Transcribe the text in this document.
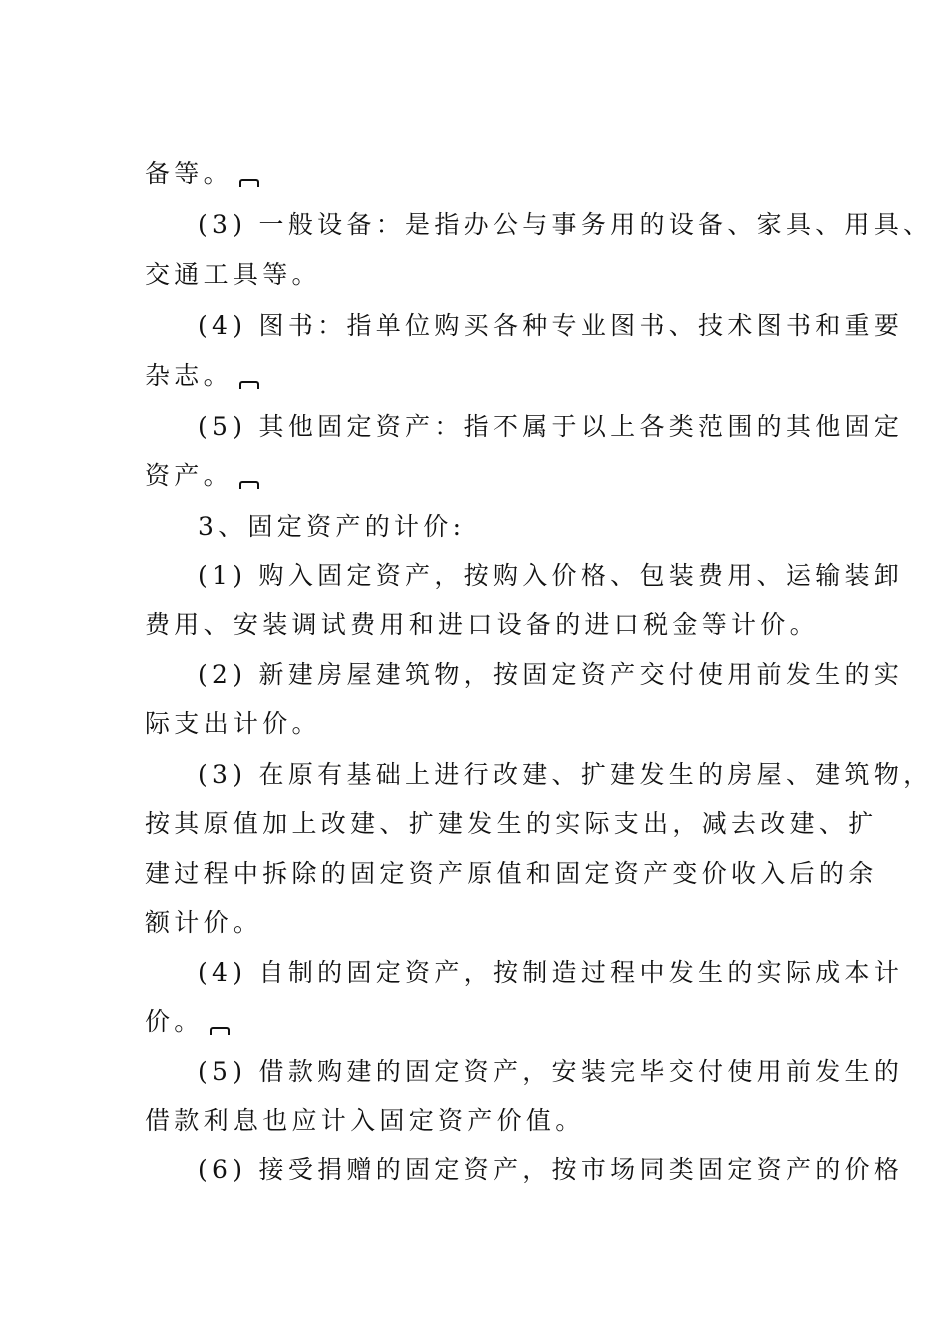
备等。
(3) 一般设备：是指办公与事务用的设备、家具、用具、
交通工具等。
(4) 图书：指单位购买各种专业图书、技术图书和重要
杂志。
(5) 其他固定资产：指不属于以上各类范围的其他固定
资产。
3、固定资产的计价:
(1) 购入固定资产，按购入价格、包装费用、运输装卸
费用、安装调试费用和进口设备的进口税金等计价。
(2) 新建房屋建筑物，按固定资产交付使用前发生的实
际支出计价。
(3) 在原有基础上进行改建、扩建发生的房屋、建筑物，
按其原值加上改建、扩建发生的实际支出，减去改建、扩
建过程中拆除的固定资产原值和固定资产变价收入后的余
额计价。
(4) 自制的固定资产，按制造过程中发生的实际成本计
价。
(5) 借款购建的固定资产，安装完毕交付使用前发生的
借款利息也应计入固定资产价值。
(6) 接受捐赠的固定资产，按市场同类固定资产的价格
